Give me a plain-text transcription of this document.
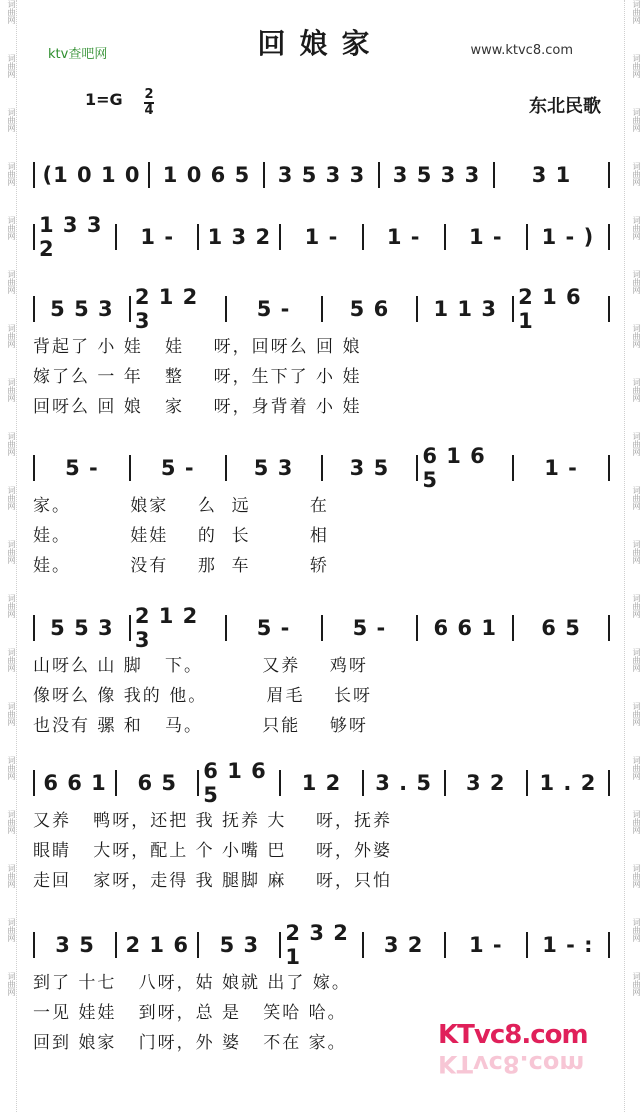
词曲网
词曲网
词曲网
词曲网
词曲网
词曲网
词曲网
词曲网
词曲网
词曲网
词曲网
词曲网
词曲网
词曲网
词曲网
词曲网
词曲网
词曲网
词曲网
词曲网
词曲网
词曲网
词曲网
词曲网
词曲网
词曲网
词曲网
词曲网
词曲网
词曲网
词曲网
词曲网
词曲网
词曲网
词曲网
词曲网
词曲网
词曲网
ktv查吧网	回娘家	www.ktvc8.com
1=G 2
4	东北民歌
(1 0 1 0	1 0 6 5	3 5 3 3	3 5 3 3	3 1
1 3 3 2	1 -	1 3 2	1 -	1 -	1 -	1 - )
5 5 3	2 1 2 3	5 -	5 6	1 1 3	2 1 6 1
背起了 小 娃   娃    呀，回呀么 回 娘
嫁了么 一 年   整    呀，生下了 小 娃
回呀么 回 娘   家    呀，身背着 小 娃
5 -	5 -	5 3	3 5	6 1 6 5	1 -
家。        娘家    么  远        在
娃。        娃娃    的  长        相
娃。        没有    那  车        轿
5 5 3	2 1 2 3	5 -	5 -	6 6 1	6 5
山呀么 山 脚   下。        又养    鸡呀
像呀么 像 我的 他。        眉毛    长呀
也没有 骡 和   马。        只能    够呀
6 6 1	6 5	6 1 6 5	1 2	3 . 5	3 2	1 . 2
又养   鸭呀，还把 我 抚养 大    呀，抚养
眼睛   大呀，配上 个 小嘴 巴    呀，外婆
走回   家呀，走得 我 腿脚 麻    呀，只怕
3 5	2 1 6	5 3	2 3 2 1	3 2	1 -	1 - :
到了 十七   八呀，姑 娘就 出了 嫁。
一见 娃娃   到呀，总 是   笑哈 哈。
回到 娘家   门呀，外 婆   不在 家。	KTvc8.com
KTvc8.com
